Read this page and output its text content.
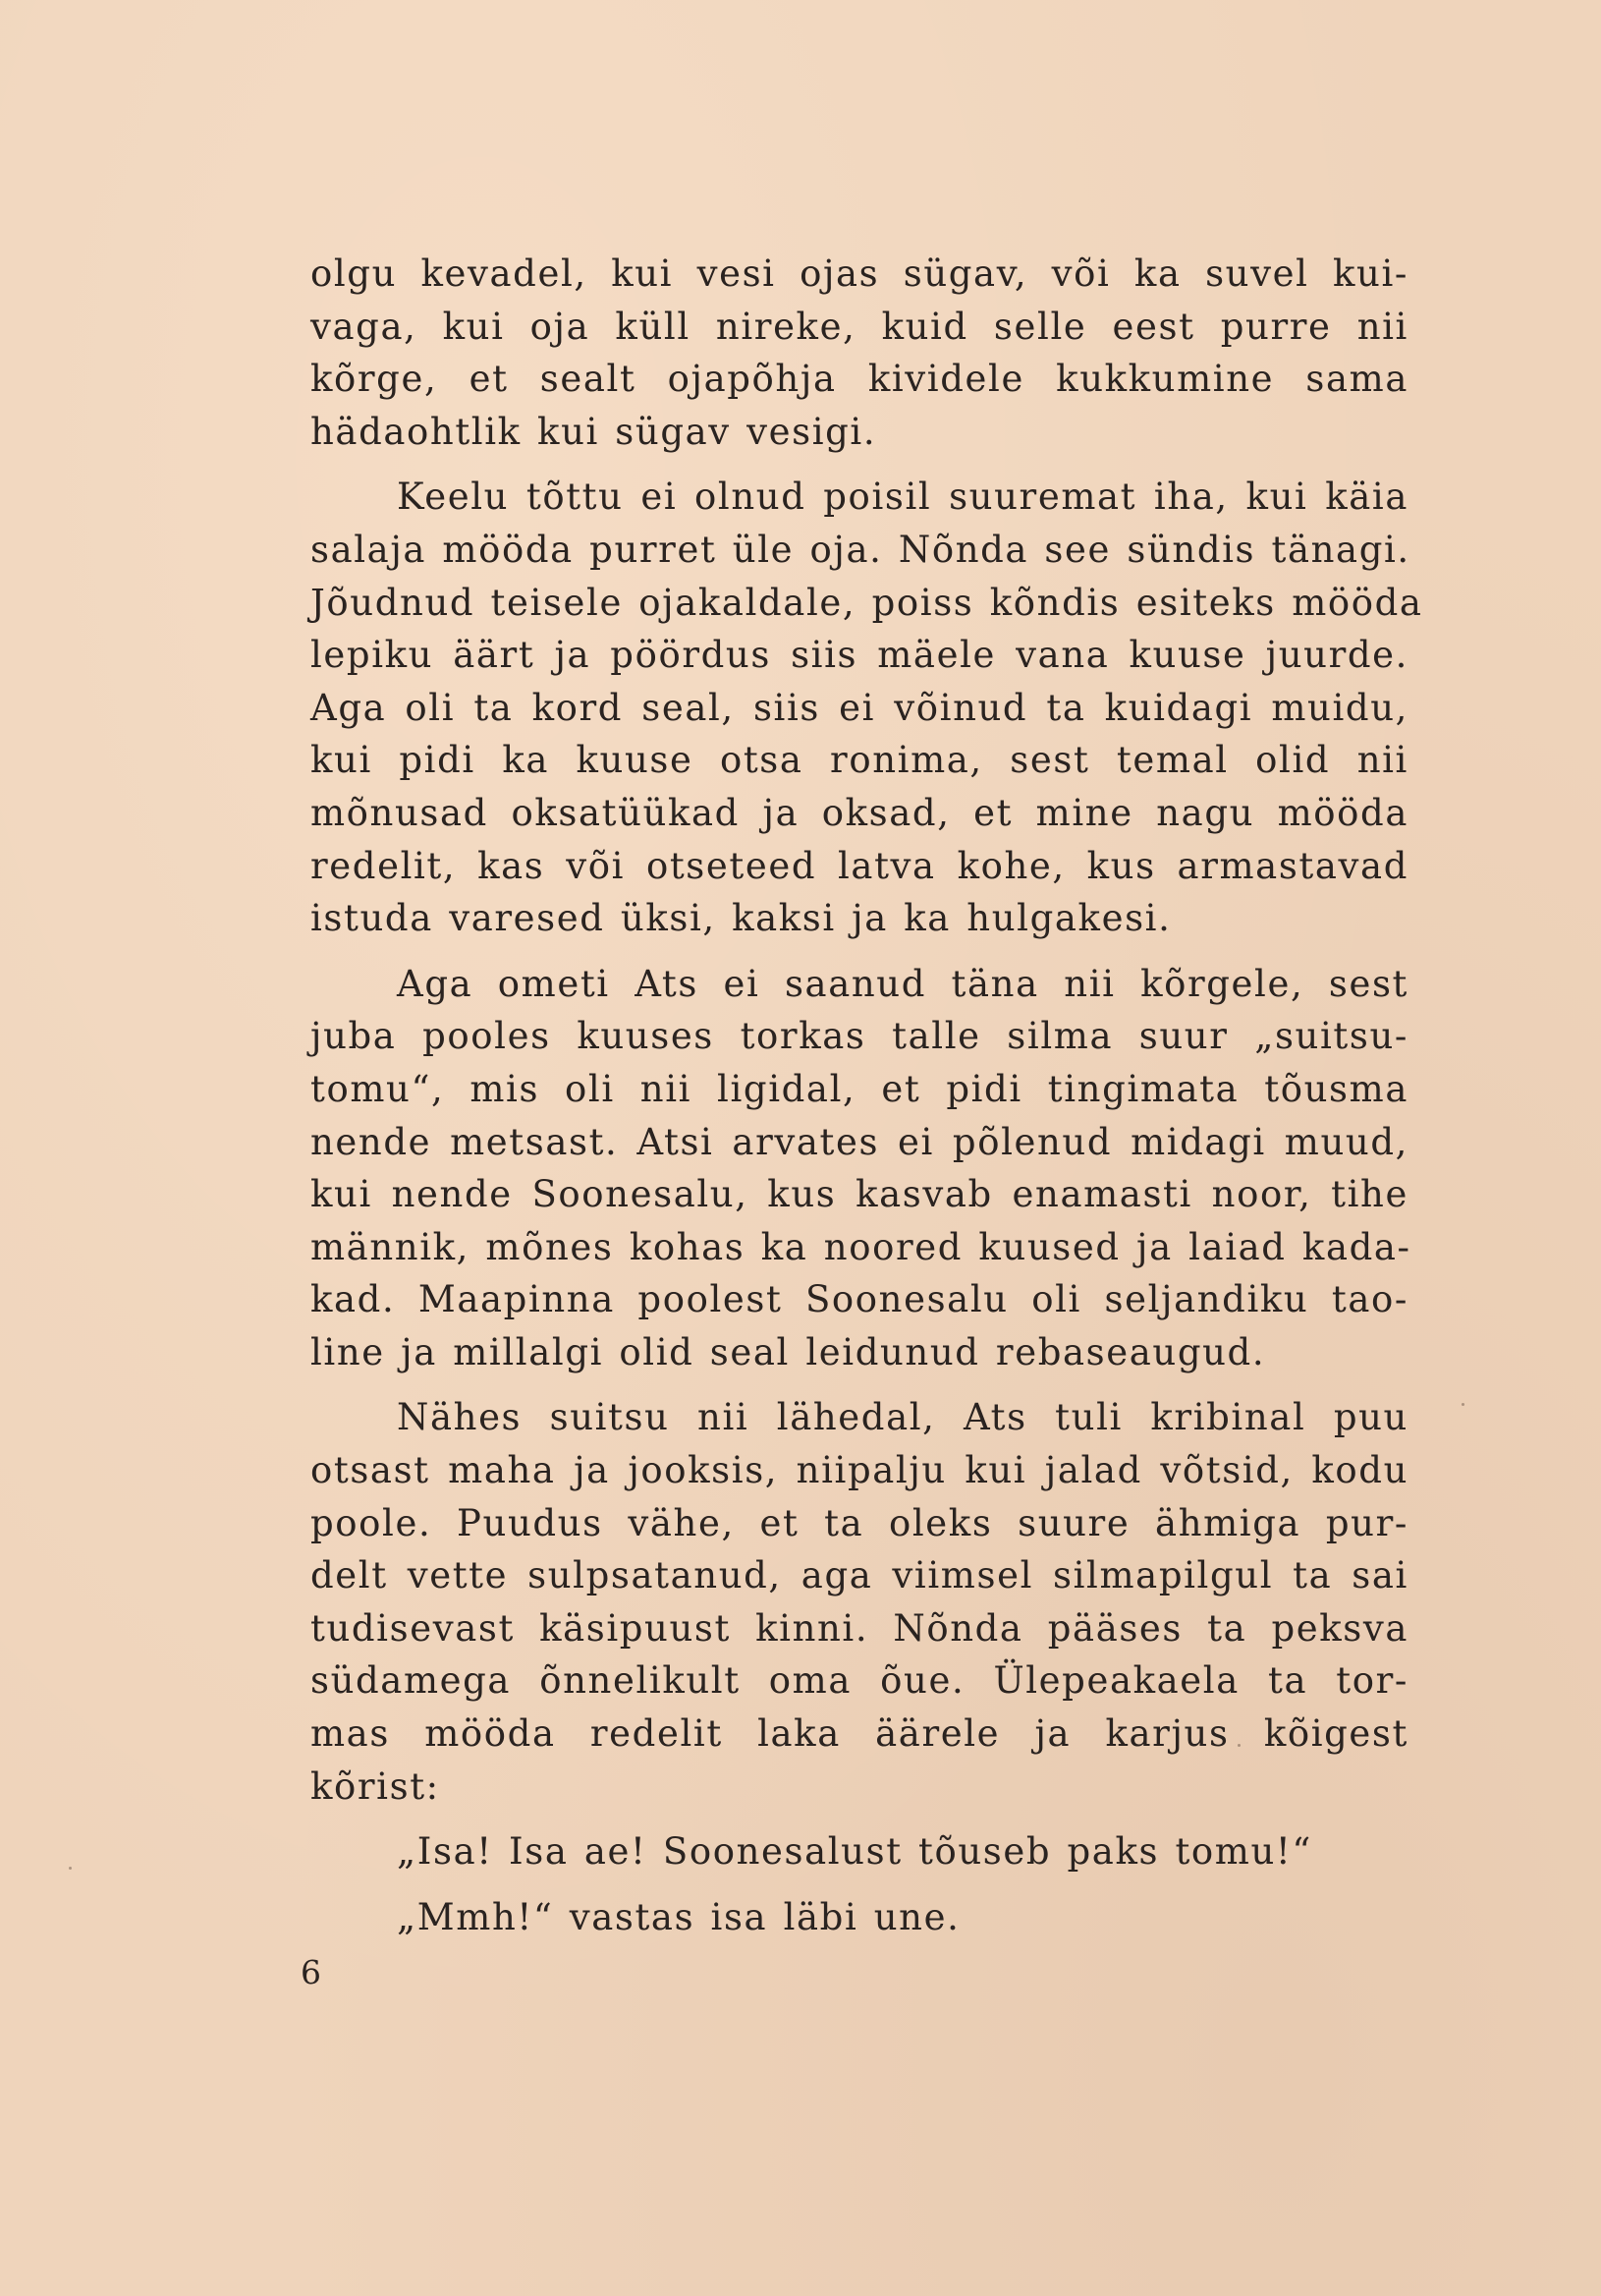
olgu kevadel, kui vesi ojas sügav, või ka suvel kui-
vaga, kui oja küll nireke, kuid selle eest purre nii
kõrge, et sealt ojapõhja kividele kukkumine sama
hädaohtlik kui sügav vesigi.
Keelu tõttu ei olnud poisil suuremat iha, kui käia
salaja mööda purret üle oja. Nõnda see sündis tänagi.
Jõudnud teisele ojakaldale, poiss kõndis esiteks mööda
lepiku äärt ja pöördus siis mäele vana kuuse juurde.
Aga oli ta kord seal, siis ei võinud ta kuidagi muidu,
kui pidi ka kuuse otsa ronima, sest temal olid nii
mõnusad oksatüükad ja oksad, et mine nagu mööda
redelit, kas või otseteed latva kohe, kus armastavad
istuda varesed üksi, kaksi ja ka hulgakesi.
Aga ometi Ats ei saanud täna nii kõrgele, sest
juba pooles kuuses torkas talle silma suur „suitsu-
tomu“, mis oli nii ligidal, et pidi tingimata tõusma
nende metsast. Atsi arvates ei põlenud midagi muud,
kui nende Soonesalu, kus kasvab enamasti noor, tihe
männik, mõnes kohas ka noored kuused ja laiad kada-
kad. Maapinna poolest Soonesalu oli seljandiku tao-
line ja millalgi olid seal leidunud rebaseaugud.
Nähes suitsu nii lähedal, Ats tuli kribinal puu
otsast maha ja jooksis, niipalju kui jalad võtsid, kodu
poole. Puudus vähe, et ta oleks suure ähmiga pur-
delt vette sulpsatanud, aga viimsel silmapilgul ta sai
tudisevast käsipuust kinni. Nõnda pääses ta peksva
südamega õnnelikult oma õue. Ülepeakaela ta tor-
mas mööda redelit laka äärele ja karjus kõigest
kõrist:
„Isa! Isa ae! Soonesalust tõuseb paks tomu!“
„Mmh!“ vastas isa läbi une.
6
